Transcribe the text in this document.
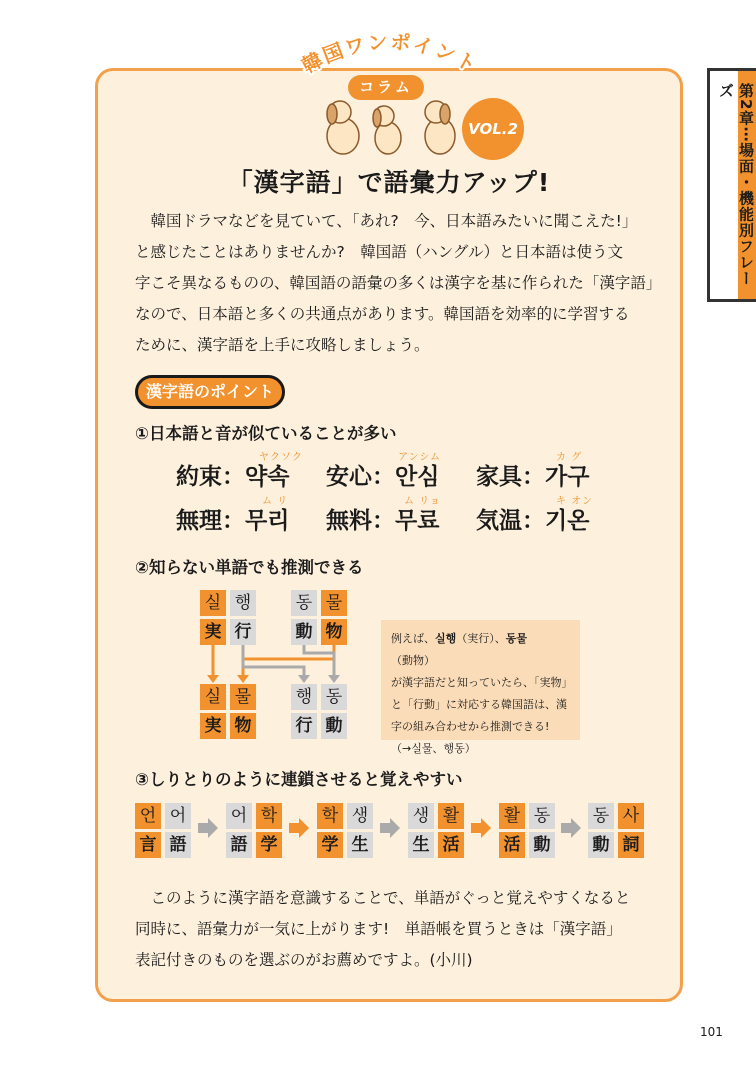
第2章⋯場面・機能別フレーズ
韓国ワンポイント
コラム
VOL.2
「漢字語」で語彙力アップ!
　韓国ドラマなどを見ていて、「あれ?　今、日本語みたいに聞こえた!」
と感じたことはありませんか?　韓国語（ハングル）と日本語は使う文
字こそ異なるものの、韓国語の語彙の多くは漢字を基に作られた「漢字語」
なので、日本語と多くの共通点があります。韓国語を効率的に学習する
ために、漢字語を上手に攻略しましょう。
漢字語のポイント
①日本語と音が似ていることが多い
ヤクソク	アンシム	カ グ
ム リ	ム リョ	キ オン
約束：약속 安心：안심 家具：가구
無理：무리 無料：무료 気温：기온
②知らない単語でも推測できる
실 행
実 行
동 물
動 物
실 물
実 物
행 동
行 動
例えば、실행（実行）、동물（動物）
が漢字語だと知っていたら、「実物」
と「行動」に対応する韓国語は、漢
字の組み合わせから推測できる!
（→실물、행동）
③しりとりのように連鎖させると覚えやすい
언 어
言 語
어 학
語 学
학 생
学 生
생 활
生 活
활 동
活 動
동 사
動 詞
　このように漢字語を意識することで、単語がぐっと覚えやすくなると
同時に、語彙力が一気に上がります!　単語帳を買うときは「漢字語」
表記付きのものを選ぶのがお薦めですよ。(小川)
101
